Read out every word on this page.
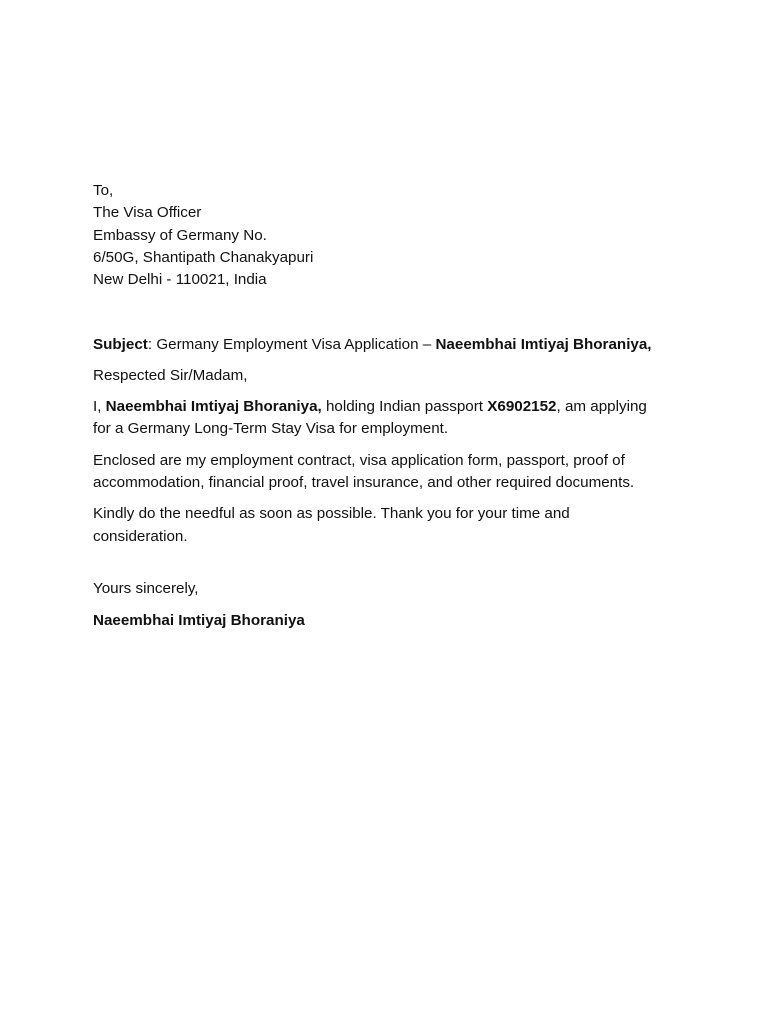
To,
The Visa Officer
Embassy of Germany No.
6/50G, Shantipath Chanakyapuri
New Delhi - 110021, India

Subject: Germany Employment Visa Application – Naeembhai Imtiyaj Bhoraniya,

Respected Sir/Madam,

I, Naeembhai Imtiyaj Bhoraniya, holding Indian passport X6902152, am applying for a Germany Long-Term Stay Visa for employment.

Enclosed are my employment contract, visa application form, passport, proof of accommodation, financial proof, travel insurance, and other required documents.

Kindly do the needful as soon as possible. Thank you for your time and consideration.

Yours sincerely,

Naeembhai Imtiyaj Bhoraniya
